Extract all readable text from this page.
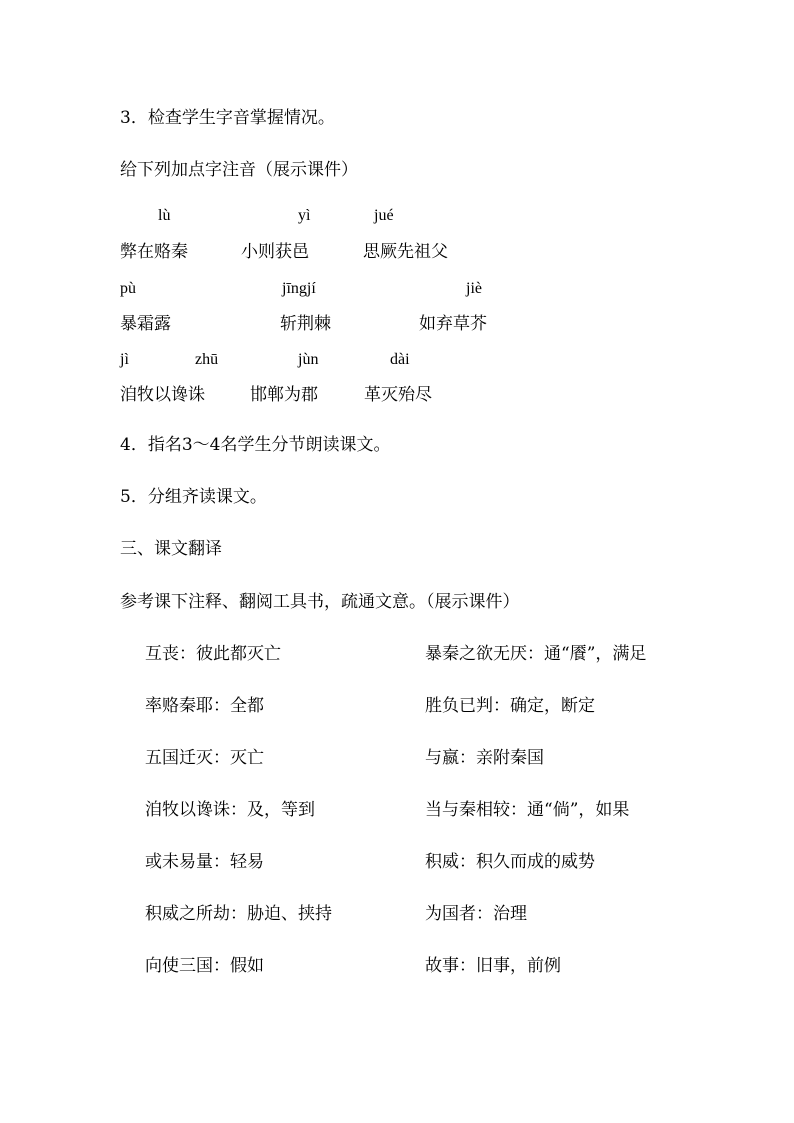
3．检查学生字音掌握情况。
给下列加点字注音（展示课件）
lù	yì	jué
弊在赂秦	小则获邑	思厥先祖父
pù	jīngjí	jiè
暴霜露	斩荆棘	如弃草芥
jì	zhū	jùn	dài
洎牧以谗诛	邯郸为郡	革灭殆尽
4．指名3～4名学生分节朗读课文。
5．分组齐读课文。
三、课文翻译
参考课下注释、翻阅工具书，疏通文意。（展示课件）
互丧：彼此都灭亡	暴秦之欲无厌：通“餍”，满足
率赂秦耶：全都	胜负已判：确定，断定
五国迁灭：灭亡	与嬴：亲附秦国
洎牧以谗诛：及，等到	当与秦相较：通“倘”，如果
或未易量：轻易	积威：积久而成的威势
积威之所劫：胁迫、挟持	为国者：治理
向使三国：假如	故事：旧事，前例
